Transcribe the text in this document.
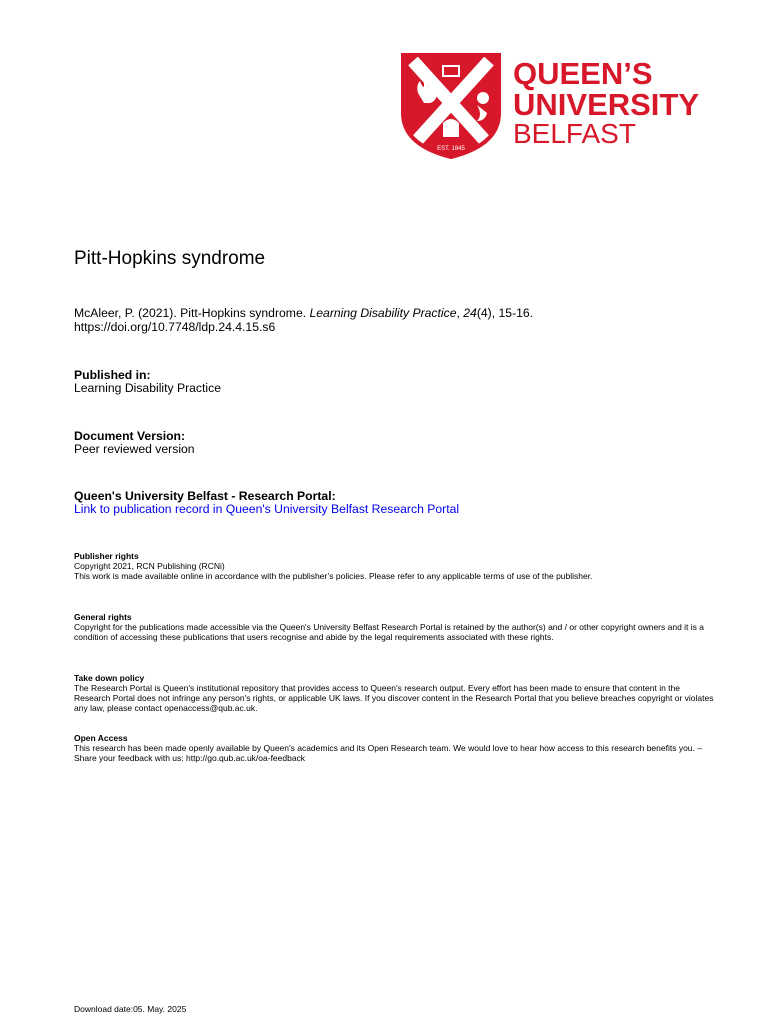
EST. 1845
QUEEN’S
UNIVERSITY
BELFAST
Pitt-Hopkins syndrome

McAleer, P. (2021). Pitt-Hopkins syndrome. Learning Disability Practice, 24(4), 15-16.

https://doi.org/10.7748/ldp.24.4.15.s6

Published in:
Learning Disability Practice
Document Version:
Peer reviewed version
Queen's University Belfast - Research Portal:
Link to publication record in Queen's University Belfast Research Portal

Publisher rights

Copyright 2021, RCN Publishing (RCNi)

This work is made available online in accordance with the publisher’s policies. Please refer to any applicable terms of use of the publisher.

General rights

Copyright for the publications made accessible via the Queen's University Belfast Research Portal is retained by the author(s) and / or other copyright owners and it is a condition of accessing these publications that users recognise and abide by the legal requirements associated with these rights.

Take down policy

The Research Portal is Queen's institutional repository that provides access to Queen's research output. Every effort has been made to ensure that content in the Research Portal does not infringe any person's rights, or applicable UK laws. If you discover content in the Research Portal that you believe breaches copyright or violates any law, please contact openaccess@qub.ac.uk.

Open Access

This research has been made openly available by Queen's academics and its Open Research team. We would love to hear how access to this research benefits you. – Share your feedback with us: http://go.qub.ac.uk/oa-feedback

Download date:05. May. 2025
